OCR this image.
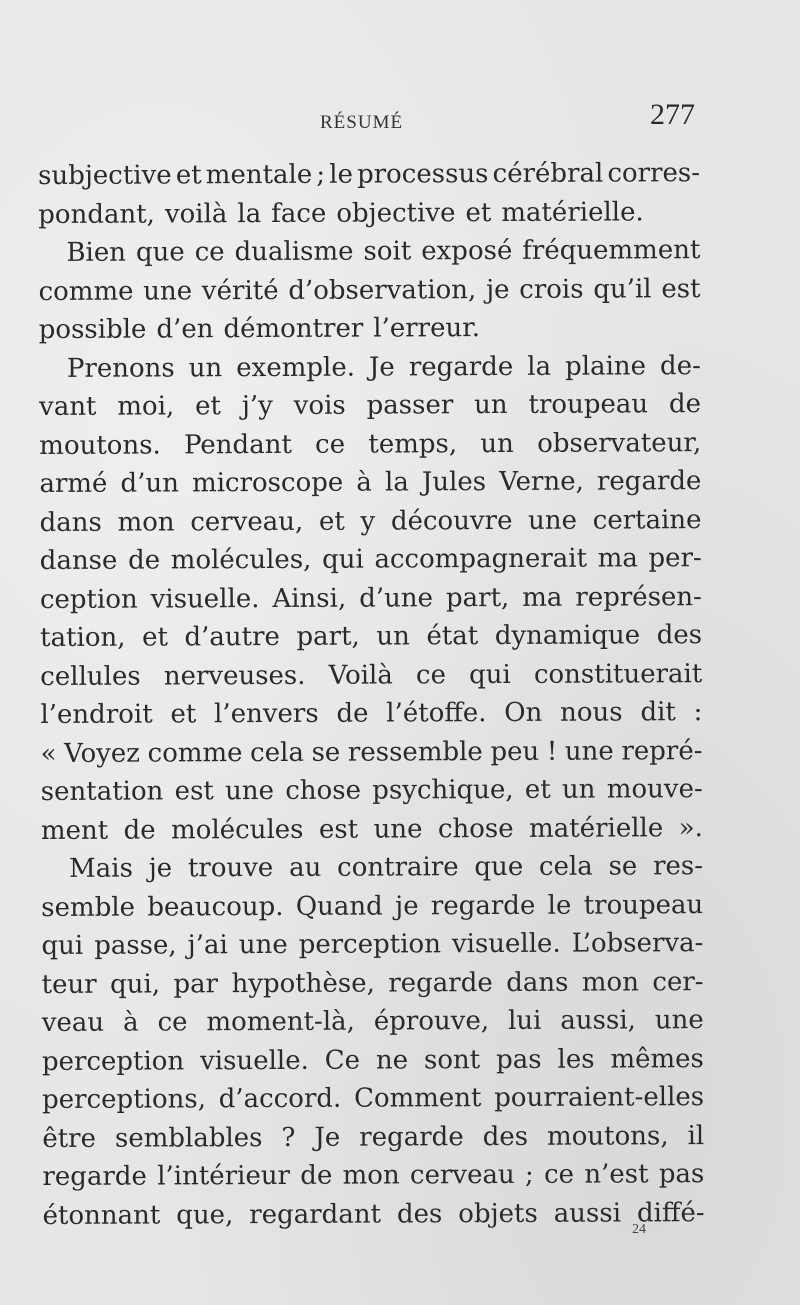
RÉSUMÉ	277
subjective et mentale ; le processus cérébral corres-
pondant, voilà la face objective et matérielle.
Bien que ce dualisme soit exposé fréquemment
comme une vérité d’observation, je crois qu’il est
possible d’en démontrer l’erreur.
Prenons un exemple. Je regarde la plaine de-
vant moi, et j’y vois passer un troupeau de
moutons. Pendant ce temps, un observateur,
armé d’un microscope à la Jules Verne, regarde
dans mon cerveau, et y découvre une certaine
danse de molécules, qui accompagnerait ma per-
ception visuelle. Ainsi, d’une part, ma représen-
tation, et d’autre part, un état dynamique des
cellules nerveuses. Voilà ce qui constituerait
l’endroit et l’envers de l’étoffe. On nous dit :
« Voyez comme cela se ressemble peu ! une repré-
sentation est une chose psychique, et un mouve-
ment de molécules est une chose matérielle ».
Mais je trouve au contraire que cela se res-
semble beaucoup. Quand je regarde le troupeau
qui passe, j’ai une perception visuelle. L’observa-
teur qui, par hypothèse, regarde dans mon cer-
veau à ce moment-là, éprouve, lui aussi, une
perception visuelle. Ce ne sont pas les mêmes
perceptions, d’accord. Comment pourraient-elles
être semblables ? Je regarde des moutons, il
regarde l’intérieur de mon cerveau ; ce n’est pas
étonnant que, regardant des objets aussi diffé-
24
